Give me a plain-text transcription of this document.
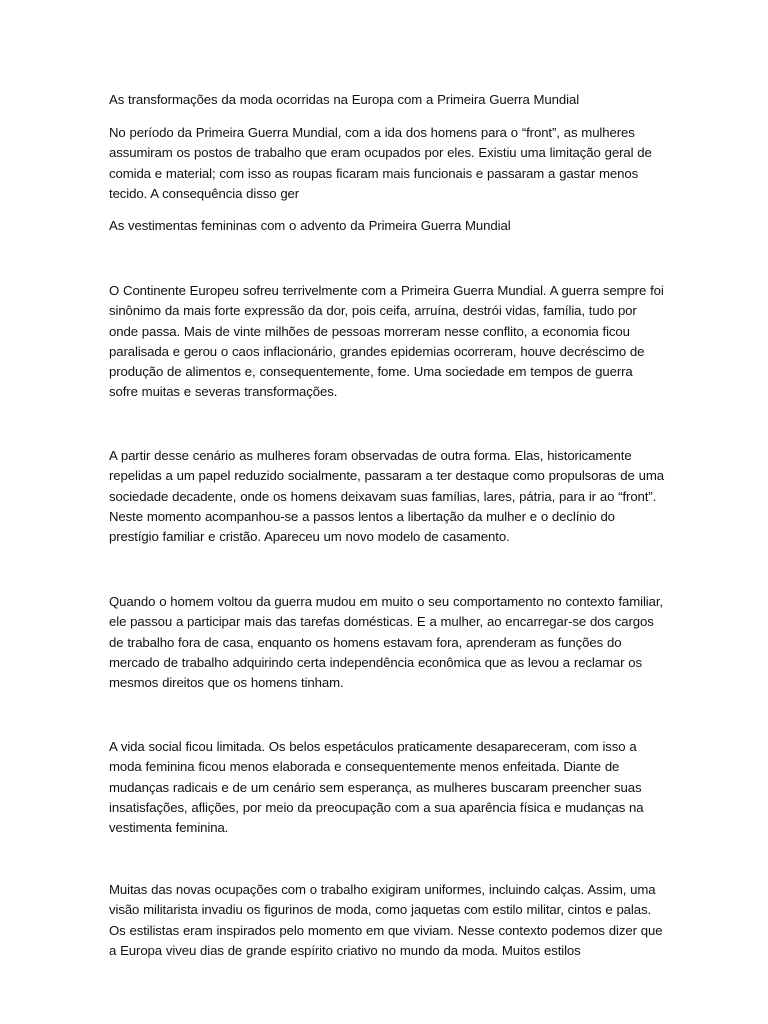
As transformações da moda ocorridas na Europa com a Primeira Guerra Mundial

No período da Primeira Guerra Mundial, com a ida dos homens para o “front”, as mulheres assumiram os postos de trabalho que eram ocupados por eles. Existiu uma limitação geral de comida e material; com isso as roupas ficaram mais funcionais e passaram a gastar menos tecido. A consequência disso ger

As vestimentas femininas com o advento da Primeira Guerra Mundial

O Continente Europeu sofreu terrivelmente com a Primeira Guerra Mundial. A guerra sempre foi sinônimo da mais forte expressão da dor, pois ceifa, arruína, destrói vidas, família, tudo por onde passa. Mais de vinte milhões de pessoas morreram nesse conflito, a economia ficou paralisada e gerou o caos inflacionário, grandes epidemias ocorreram, houve decréscimo de produção de alimentos e, consequentemente, fome. Uma sociedade em tempos de guerra sofre muitas e severas transformações.

A partir desse cenário as mulheres foram observadas de outra forma. Elas, historicamente repelidas a um papel reduzido socialmente, passaram a ter destaque como propulsoras de uma sociedade decadente, onde os homens deixavam suas famílias, lares, pátria, para ir ao “front”. Neste momento acompanhou-se a passos lentos a libertação da mulher e o declínio do prestígio familiar e cristão. Apareceu um novo modelo de casamento.

Quando o homem voltou da guerra mudou em muito o seu comportamento no contexto familiar, ele passou a participar mais das tarefas domésticas. E a mulher, ao encarregar-se dos cargos de trabalho fora de casa, enquanto os homens estavam fora, aprenderam as funções do mercado de trabalho adquirindo certa independência econômica que as levou a reclamar os mesmos direitos que os homens tinham.

A vida social ficou limitada. Os belos espetáculos praticamente desapareceram, com isso a moda feminina ficou menos elaborada e consequentemente menos enfeitada. Diante de mudanças radicais e de um cenário sem esperança, as mulheres buscaram preencher suas insatisfações, aflições, por meio da preocupação com a sua aparência física e mudanças na vestimenta feminina.

Muitas das novas ocupações com o trabalho exigiram uniformes, incluindo calças. Assim, uma visão militarista invadiu os figurinos de moda, como jaquetas com estilo militar, cintos e palas. Os estilistas eram inspirados pelo momento em que viviam. Nesse contexto podemos dizer que a Europa viveu dias de grande espírito criativo no mundo da moda. Muitos estilos
